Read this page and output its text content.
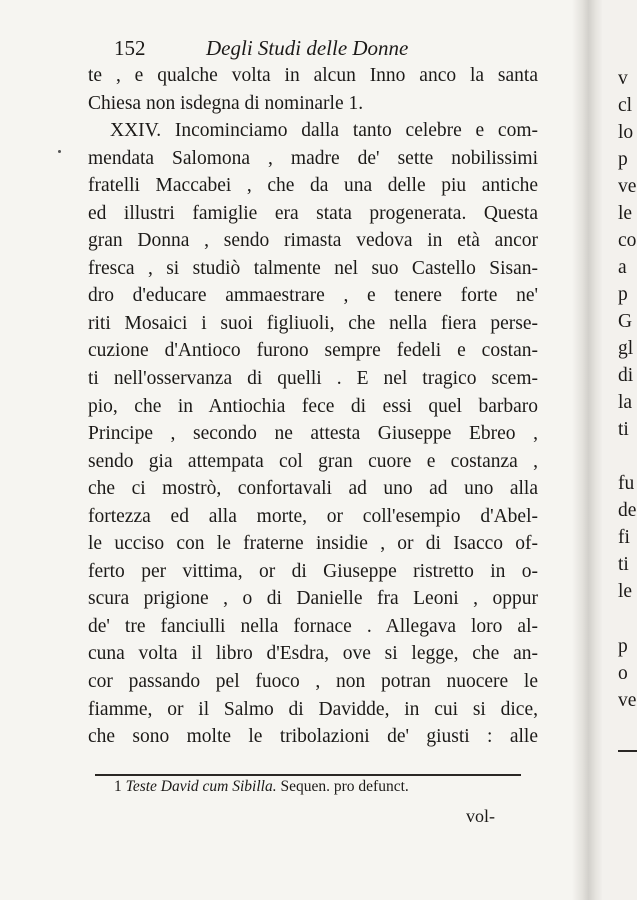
152	Degli Studi delle Donne
te , e qualche volta in alcun Inno anco la santa
Chiesa non isdegna di nominarle 1.
XXIV. Incominciamo dalla tanto celebre e com-
mendata Salomona , madre de' sette nobilissimi
fratelli Maccabei , che da una delle piu antiche
ed illustri famiglie era stata progenerata. Questa
gran Donna , sendo rimasta vedova in età ancor
fresca , si studiò talmente nel suo Castello Sisan-
dro d'educare ammaestrare , e tenere forte ne'
riti Mosaici i suoi figliuoli, che nella fiera perse-
cuzione d'Antioco furono sempre fedeli e costan-
ti nell'osservanza di quelli . E nel tragico scem-
pio, che in Antiochia fece di essi quel barbaro
Principe , secondo ne attesta Giuseppe Ebreo ,
sendo gia attempata col gran cuore e costanza ,
che ci mostrò, confortavali ad uno ad uno alla
fortezza ed alla morte, or coll'esempio d'Abel-
le ucciso con le fraterne insidie , or di Isacco of-
ferto per vittima, or di Giuseppe ristretto in o-
scura prigione , o di Danielle fra Leoni , oppur
de' tre fanciulli nella fornace . Allegava loro al-
cuna volta il libro d'Esdra, ove si legge, che an-
cor passando pel fuoco , non potran nuocere le
fiamme, or il Salmo di Davidde, in cui si dice,
che sono molte le tribolazioni de' giusti : alle
1 Teste David cum Sibilla. Sequen. pro defunct.
vol-
v
cl
lo
p
ve
le
co
a
p
G
gl
di
la
ti
fu
de
fi
ti
le
p
o
ve
